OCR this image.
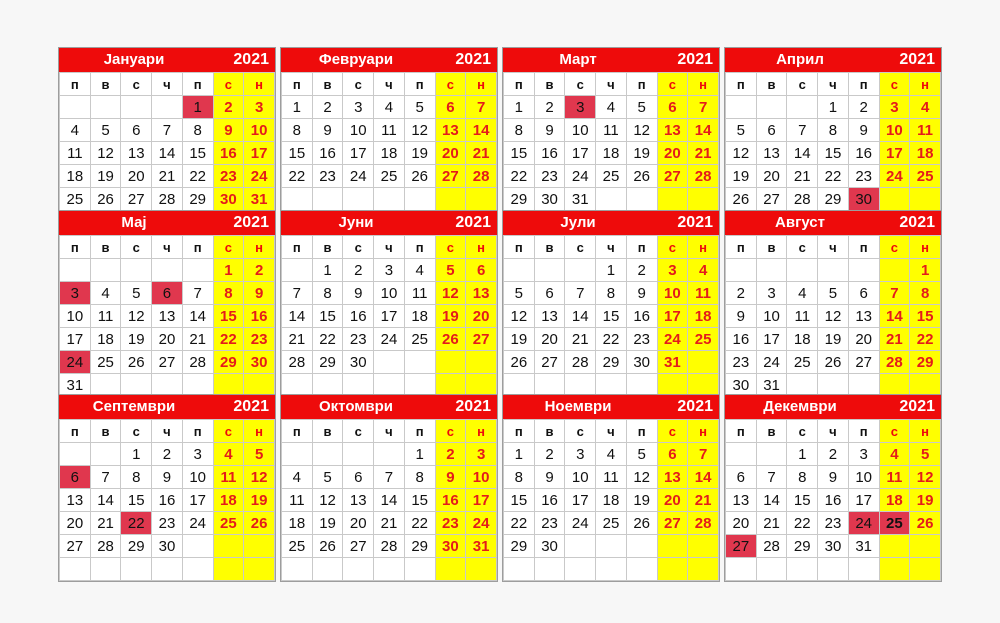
Јануари	2021
п	в	с	ч	п	с	н
				1	2	3
4	5	6	7	8	9	10
11	12	13	14	15	16	17
18	19	20	21	22	23	24
25	26	27	28	29	30	31

Февруари	2021
п	в	с	ч	п	с	н
1	2	3	4	5	6	7
8	9	10	11	12	13	14
15	16	17	18	19	20	21
22	23	24	25	26	27	28

Март	2021
п	в	с	ч	п	с	н
1	2	3	4	5	6	7
8	9	10	11	12	13	14
15	16	17	18	19	20	21
22	23	24	25	26	27	28
29	30	31				

Април	2021
п	в	с	ч	п	с	н
			1	2	3	4
5	6	7	8	9	10	11
12	13	14	15	16	17	18
19	20	21	22	23	24	25
26	27	28	29	30		

Мај	2021
п	в	с	ч	п	с	н
					1	2
3	4	5	6	7	8	9
10	11	12	13	14	15	16
17	18	19	20	21	22	23
24	25	26	27	28	29	30
31						
Јуни	2021
п	в	с	ч	п	с	н
	1	2	3	4	5	6
7	8	9	10	11	12	13
14	15	16	17	18	19	20
21	22	23	24	25	26	27
28	29	30				

Јули	2021
п	в	с	ч	п	с	н
			1	2	3	4
5	6	7	8	9	10	11
12	13	14	15	16	17	18
19	20	21	22	23	24	25
26	27	28	29	30	31	

Август	2021
п	в	с	ч	п	с	н
						1
2	3	4	5	6	7	8
9	10	11	12	13	14	15
16	17	18	19	20	21	22
23	24	25	26	27	28	29
30	31					
Септември	2021
п	в	с	ч	п	с	н
		1	2	3	4	5
6	7	8	9	10	11	12
13	14	15	16	17	18	19
20	21	22	23	24	25	26
27	28	29	30			

Октомври	2021
п	в	с	ч	п	с	н
				1	2	3
4	5	6	7	8	9	10
11	12	13	14	15	16	17
18	19	20	21	22	23	24
25	26	27	28	29	30	31

Ноември	2021
п	в	с	ч	п	с	н
1	2	3	4	5	6	7
8	9	10	11	12	13	14
15	16	17	18	19	20	21
22	23	24	25	26	27	28
29	30					

Декември	2021
п	в	с	ч	п	с	н
		1	2	3	4	5
6	7	8	9	10	11	12
13	14	15	16	17	18	19
20	21	22	23	24	25	26
27	28	29	30	31		
